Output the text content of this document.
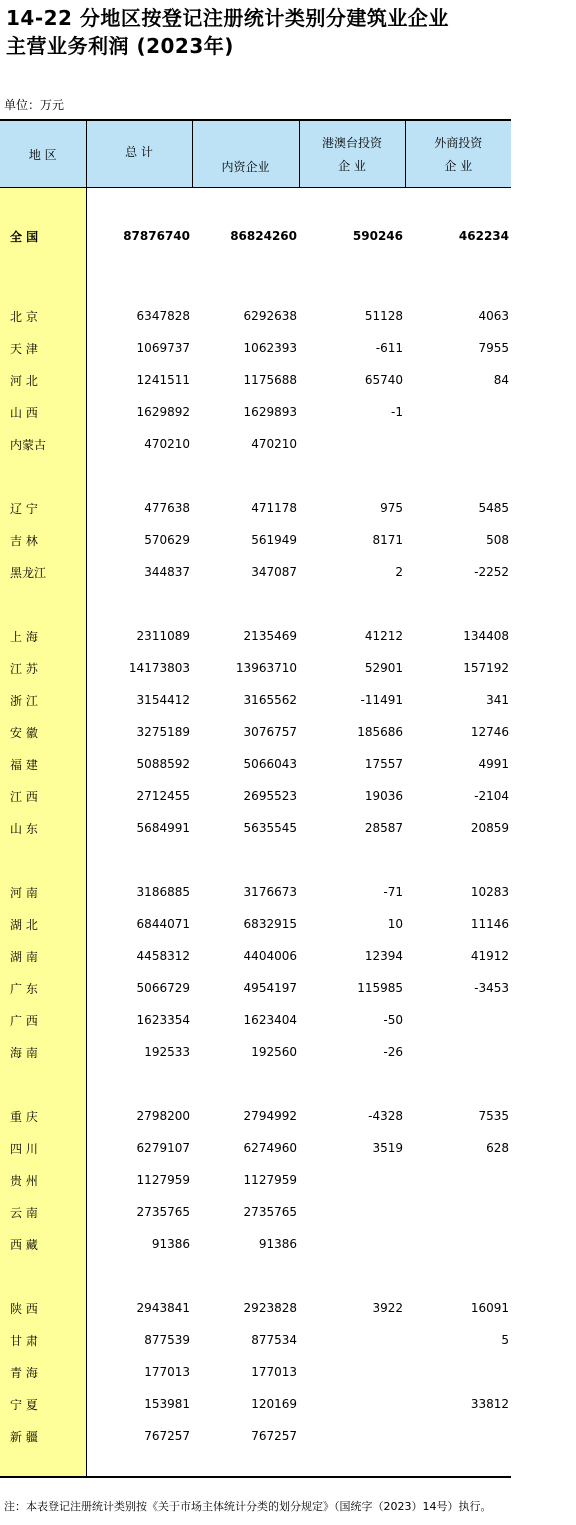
14-22 分地区按登记注册统计类别分建筑业企业
主营业务利润 (2023年)
单位：万元
地 区	总 计	内资企业	港澳台投资	外商投资
			企 业	企 业

全 国	87876740	86824260	590246	462234

北 京	6347828	6292638	51128	4063
天 津	1069737	1062393	-611	7955
河 北	1241511	1175688	65740	84
山 西	1629892	1629893	-1	
内蒙古	470210	470210		

辽 宁	477638	471178	975	5485
吉 林	570629	561949	8171	508
黑龙江	344837	347087	2	-2252

上 海	2311089	2135469	41212	134408
江 苏	14173803	13963710	52901	157192
浙 江	3154412	3165562	-11491	341
安 徽	3275189	3076757	185686	12746
福 建	5088592	5066043	17557	4991
江 西	2712455	2695523	19036	-2104
山 东	5684991	5635545	28587	20859

河 南	3186885	3176673	-71	10283
湖 北	6844071	6832915	10	11146
湖 南	4458312	4404006	12394	41912
广 东	5066729	4954197	115985	-3453
广 西	1623354	1623404	-50	
海 南	192533	192560	-26	

重 庆	2798200	2794992	-4328	7535
四 川	6279107	6274960	3519	628
贵 州	1127959	1127959		
云 南	2735765	2735765		
西 藏	91386	91386		

陕 西	2943841	2923828	3922	16091
甘 肃	877539	877534		5
青 海	177013	177013		
宁 夏	153981	120169		33812
新 疆	767257	767257		

注：本表登记注册统计类别按《关于市场主体统计分类的划分规定》（国统字（2023）14号）执行。
